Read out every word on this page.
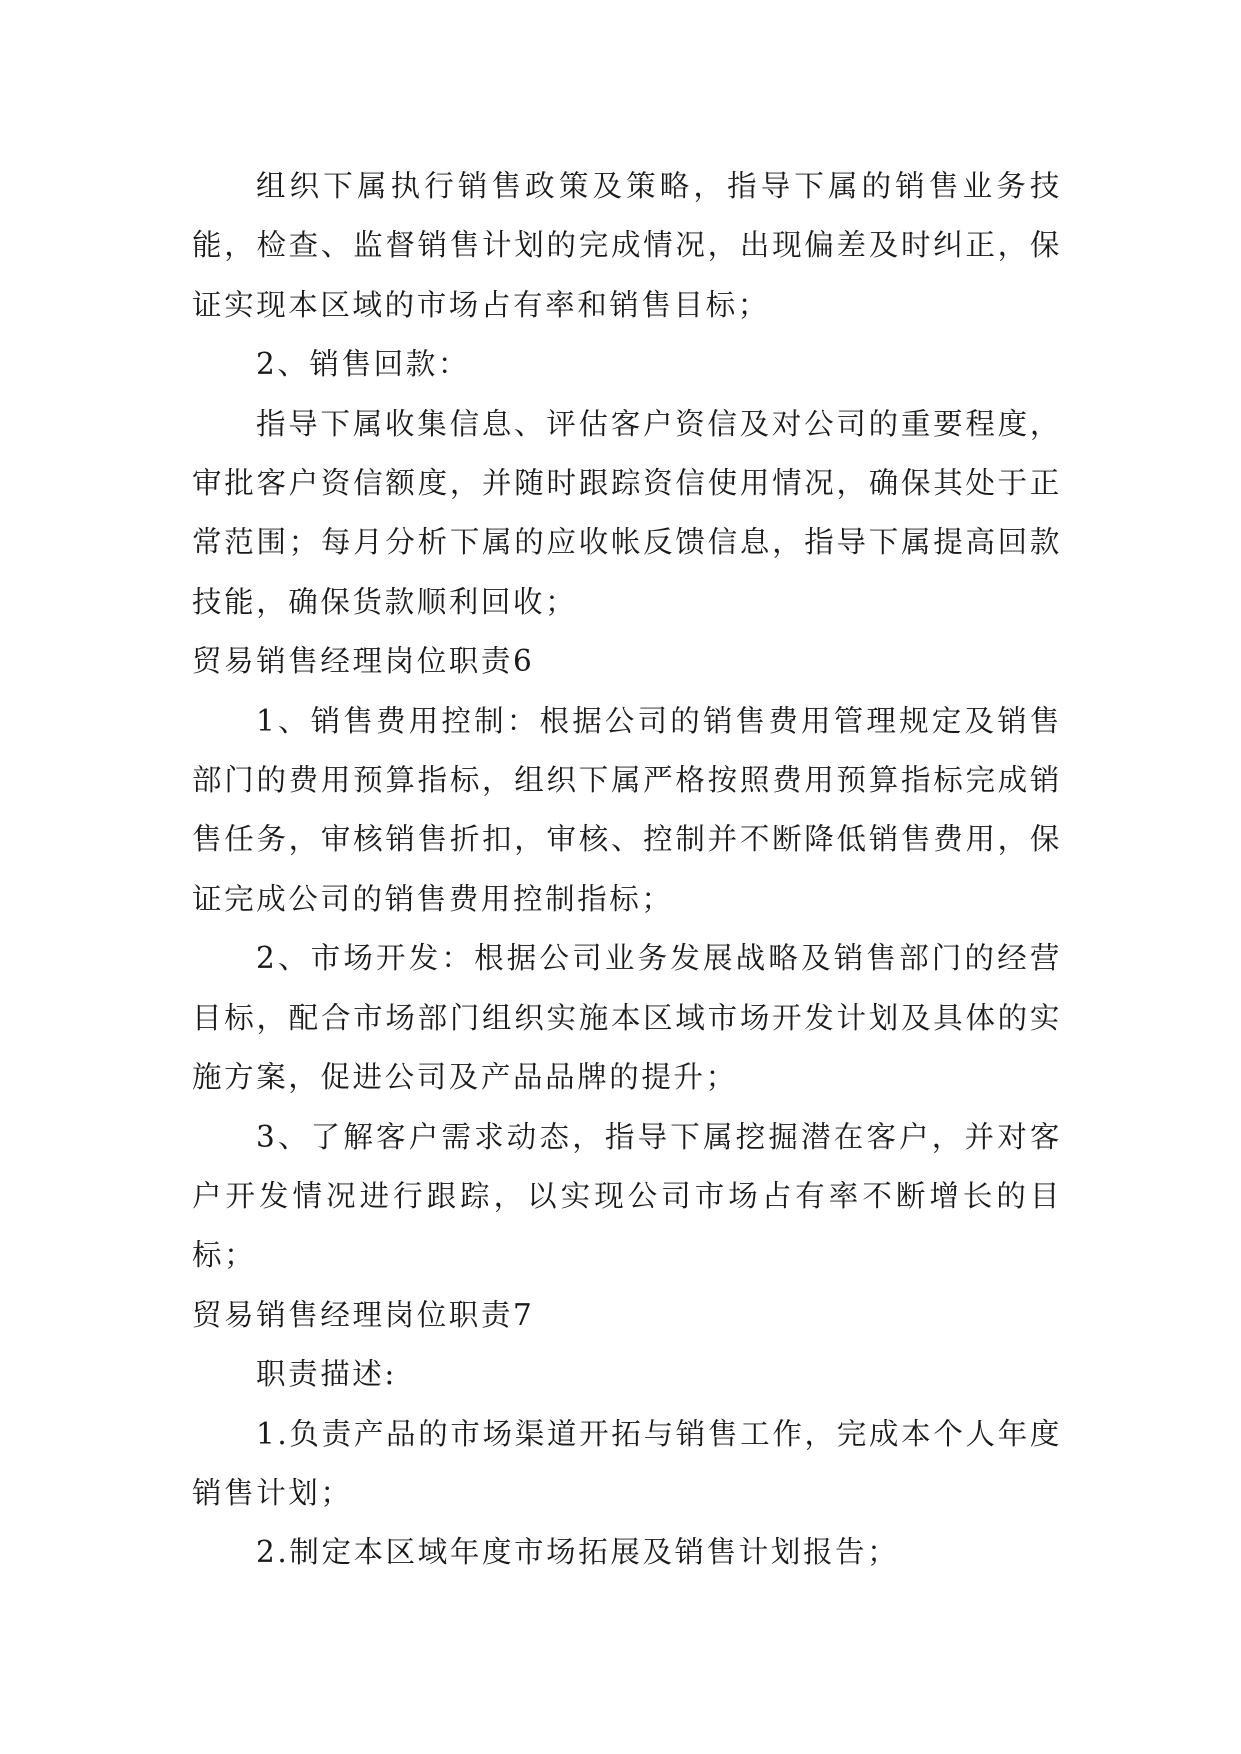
组织下属执行销售政策及策略，指导下属的销售业务技能，检查、监督销售计划的完成情况，出现偏差及时纠正，保证实现本区域的市场占有率和销售目标；

2、销售回款：

指导下属收集信息、评估客户资信及对公司的重要程度，审批客户资信额度，并随时跟踪资信使用情况，确保其处于正常范围；每月分析下属的应收帐反馈信息，指导下属提高回款技能，确保货款顺利回收；

贸易销售经理岗位职责6

1、销售费用控制：根据公司的销售费用管理规定及销售部门的费用预算指标，组织下属严格按照费用预算指标完成销售任务，审核销售折扣，审核、控制并不断降低销售费用，保证完成公司的销售费用控制指标；

2、市场开发：根据公司业务发展战略及销售部门的经营目标，配合市场部门组织实施本区域市场开发计划及具体的实施方案，促进公司及产品品牌的提升；

3、了解客户需求动态，指导下属挖掘潜在客户，并对客户开发情况进行跟踪，以实现公司市场占有率不断增长的目标；

贸易销售经理岗位职责7

职责描述:

1.负责产品的市场渠道开拓与销售工作，完成本个人年度销售计划；

2.制定本区域年度市场拓展及销售计划报告；
